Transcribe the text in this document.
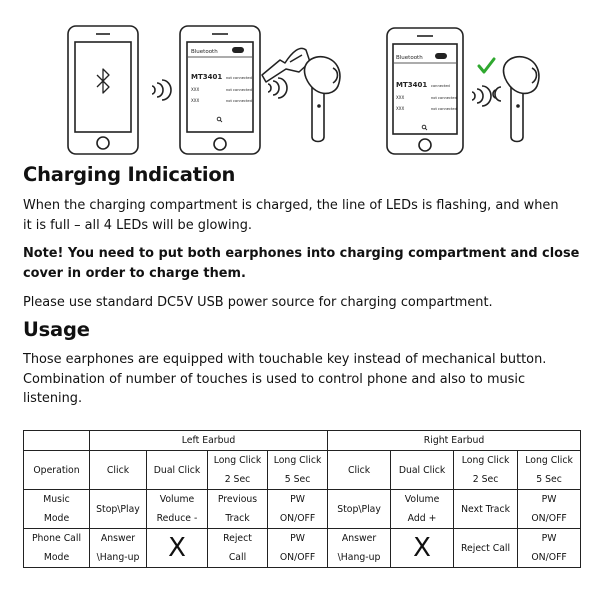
Bluetooth
MT3401 not connected
XXX	not connected
XXX	not connected
Bluetooth
MT3401 connected
XXX	not connected
XXX	not connected
Charging Indication

When the charging compartment is charged, the line of LEDs is flashing, and when
it is full – all 4 LEDs will be glowing.

Note! You need to put both earphones into charging compartment and close
cover in order to charge them.

Please use standard DC5V USB power source for charging compartment.

Usage

Those earphones are equipped with touchable key instead of mechanical button.
Combination of number of touches is used to control phone and also to music
listening.

	Left Earbud				Right Earbud			

Operation	Click	Dual Click	Long Click
2 Sec	Long Click
5 Sec	Click	Dual Click	Long Click
2 Sec	Long Click
5 Sec

Music
Mode	Stop\Play	Volume
Reduce -	Previous
Track	PW
ON/OFF	Stop\Play	Volume
Add +	Next Track	PW
ON/OFF

Phone Call
Mode	Answer
\Hang-up	X	Reject
Call	PW
ON/OFF	Answer
\Hang-up	X	Reject Call	PW
ON/OFF
